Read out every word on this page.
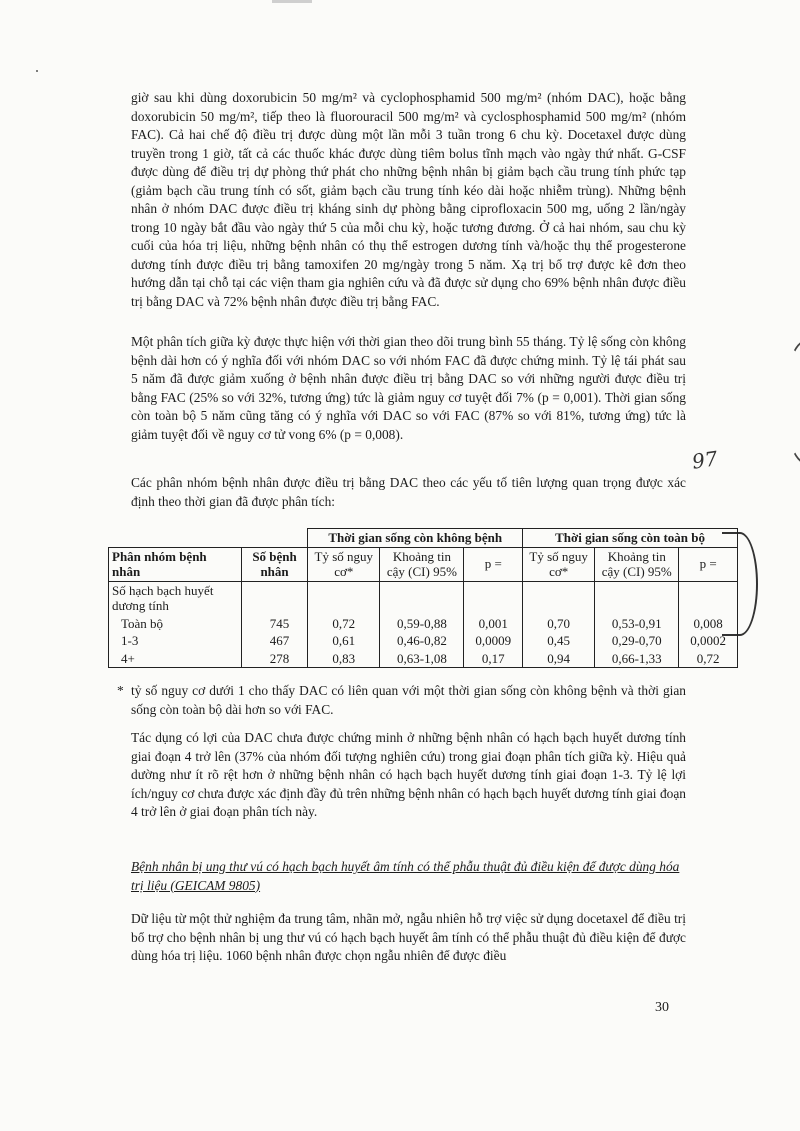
giờ sau khi dùng doxorubicin 50 mg/m² và cyclophosphamid 500 mg/m² (nhóm DAC), hoặc bằng doxorubicin 50 mg/m², tiếp theo là fluorouracil 500 mg/m² và cyclosphosphamid 500 mg/m² (nhóm FAC). Cả hai chế độ điều trị được dùng một lần mỗi 3 tuần trong 6 chu kỳ. Docetaxel được dùng truyền trong 1 giờ, tất cả các thuốc khác được dùng tiêm bolus tĩnh mạch vào ngày thứ nhất. G-CSF được dùng để điều trị dự phòng thứ phát cho những bệnh nhân bị giảm bạch cầu trung tính phức tạp (giảm bạch cầu trung tính có sốt, giảm bạch cầu trung tính kéo dài hoặc nhiễm trùng). Những bệnh nhân ở nhóm DAC được điều trị kháng sinh dự phòng bằng ciprofloxacin 500 mg, uống 2 lần/ngày trong 10 ngày bắt đầu vào ngày thứ 5 của mỗi chu kỳ, hoặc tương đương. Ở cả hai nhóm, sau chu kỳ cuối của hóa trị liệu, những bệnh nhân có thụ thể estrogen dương tính và/hoặc thụ thể progesterone dương tính được điều trị bằng tamoxifen 20 mg/ngày trong 5 năm. Xạ trị bổ trợ được kê đơn theo hướng dẫn tại chỗ tại các viện tham gia nghiên cứu và đã được sử dụng cho 69% bệnh nhân được điều trị bằng DAC và 72% bệnh nhân được điều trị bằng FAC.

Một phân tích giữa kỳ được thực hiện với thời gian theo dõi trung bình 55 tháng. Tỷ lệ sống còn không bệnh dài hơn có ý nghĩa đối với nhóm DAC so với nhóm FAC đã được chứng minh. Tỷ lệ tái phát sau 5 năm đã được giảm xuống ở bệnh nhân được điều trị bằng DAC so với những người được điều trị bằng FAC (25% so với 32%, tương ứng) tức là giảm nguy cơ tuyệt đối 7% (p = 0,001). Thời gian sống còn toàn bộ 5 năm cũng tăng có ý nghĩa với DAC so với FAC (87% so với 81%, tương ứng) tức là giảm tuyệt đối về nguy cơ tử vong 6% (p = 0,008).

97

Các phân nhóm bệnh nhân được điều trị bằng DAC theo các yếu tố tiên lượng quan trọng được xác định theo thời gian đã được phân tích:

		Thời gian sống còn không bệnh			Thời gian sống còn toàn bộ		
Phân nhóm bệnh nhân	Số bệnh nhân	Tỷ số nguy cơ*	Khoảng tin cậy (CI) 95%	p =	Tỷ số nguy cơ*	Khoảng tin cậy (CI) 95%	p =
Số hạch bạch huyết dương tính							
Toàn bộ	745	0,72	0,59-0,88	0,001	0,70	0,53-0,91	0,008
1-3	467	0,61	0,46-0,82	0,0009	0,45	0,29-0,70	0,0002
4+	278	0,83	0,63-1,08	0,17	0,94	0,66-1,33	0,72
* tỷ số nguy cơ dưới 1 cho thấy DAC có liên quan với một thời gian sống còn không bệnh và thời gian sống còn toàn bộ dài hơn so với FAC.

Tác dụng có lợi của DAC chưa được chứng minh ở những bệnh nhân có hạch bạch huyết dương tính giai đoạn 4 trở lên (37% của nhóm đối tượng nghiên cứu) trong giai đoạn phân tích giữa kỳ. Hiệu quả dường như ít rõ rệt hơn ở những bệnh nhân có hạch bạch huyết dương tính giai đoạn 1-3. Tỷ lệ lợi ích/nguy cơ chưa được xác định đầy đủ trên những bệnh nhân có hạch bạch huyết dương tính giai đoạn 4 trở lên ở giai đoạn phân tích này.

Bệnh nhân bị ung thư vú có hạch bạch huyết âm tính có thể phẫu thuật đủ điều kiện để được dùng hóa trị liệu (GEICAM 9805)

Dữ liệu từ một thử nghiệm đa trung tâm, nhãn mở, ngẫu nhiên hỗ trợ việc sử dụng docetaxel để điều trị bổ trợ cho bệnh nhân bị ung thư vú có hạch bạch huyết âm tính có thể phẫu thuật đủ điều kiện để được dùng hóa trị liệu. 1060 bệnh nhân được chọn ngẫu nhiên để được điều

30
